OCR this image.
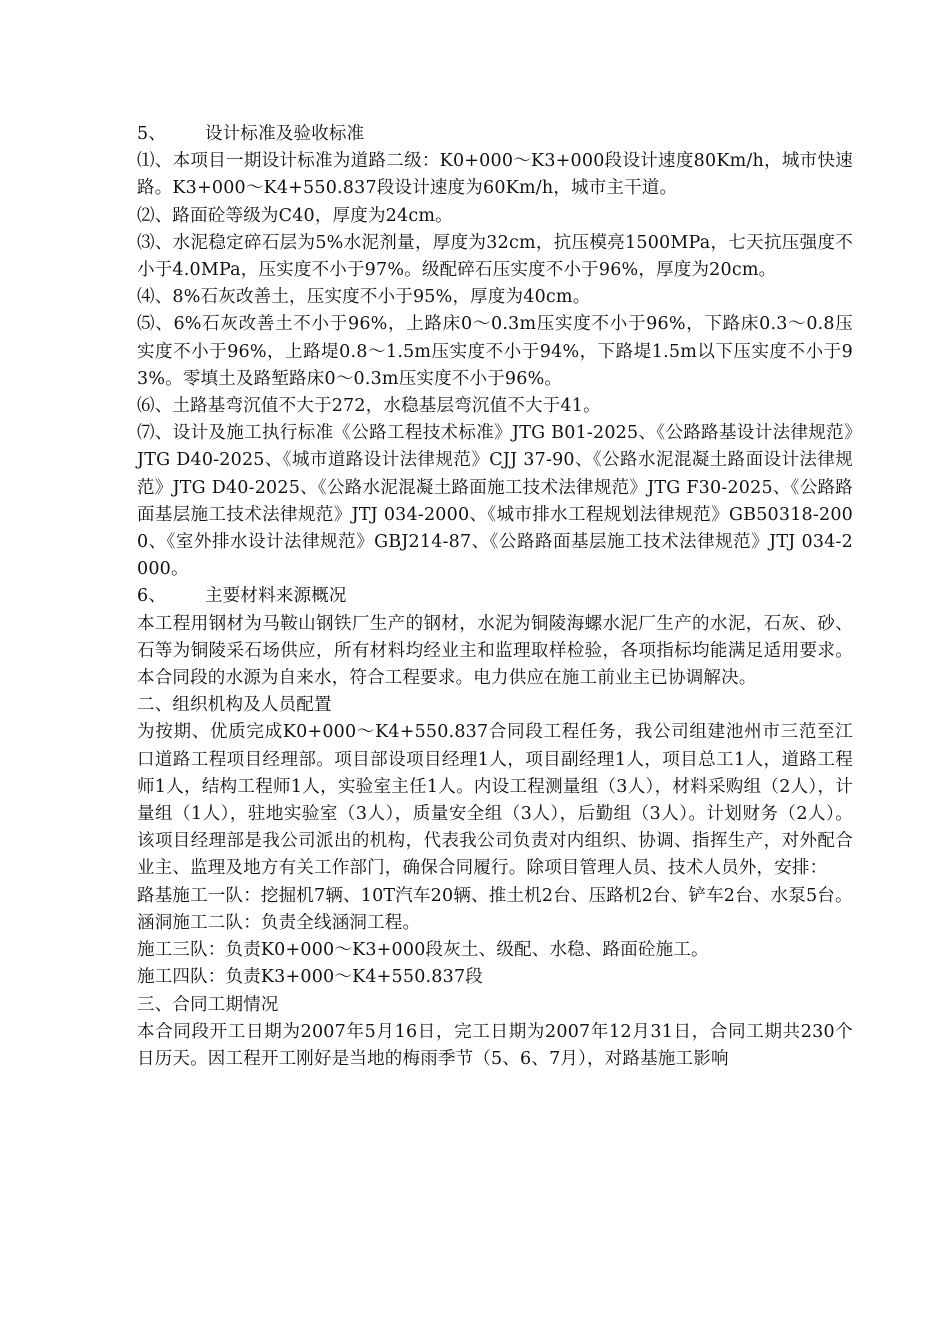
5、 设计标准及验收标准

⑴、本项目一期设计标准为道路二级：K0+000～K3+000段设计速度80Km/h，城市快速路。K3+000～K4+550.837段设计速度为60Km/h，城市主干道。

⑵、路面砼等级为C40，厚度为24cm。

⑶、水泥稳定碎石层为5%水泥剂量，厚度为32cm，抗压模亮1500MPa，七天抗压强度不小于4.0MPa，压实度不小于97%。级配碎石压实度不小于96%，厚度为20cm。

⑷、8%石灰改善土，压实度不小于95%，厚度为40cm。

⑸、6%石灰改善土不小于96%，上路床0～0.3m压实度不小于96%，下路床0.3～0.8压实度不小于96%，上路堤0.8～1.5m压实度不小于94%，下路堤1.5m以下压实度不小于93%。零填土及路堑路床0～0.3m压实度不小于96%。

⑹、土路基弯沉值不大于272，水稳基层弯沉值不大于41。

⑺、设计及施工执行标准《公路工程技术标准》JTG B01-2025、《公路路基设计法律规范》JTG D40-2025、《城市道路设计法律规范》CJJ 37-90、《公路水泥混凝土路面设计法律规范》JTG D40-2025、《公路水泥混凝土路面施工技术法律规范》JTG F30-2025、《公路路面基层施工技术法律规范》JTJ 034-2000、《城市排水工程规划法律规范》GB50318-2000、《室外排水设计法律规范》GBJ214-87、《公路路面基层施工技术法律规范》JTJ 034-2000。

6、 主要材料来源概况

本工程用钢材为马鞍山钢铁厂生产的钢材，水泥为铜陵海螺水泥厂生产的水泥，石灰、砂、石等为铜陵采石场供应，所有材料均经业主和监理取样检验，各项指标均能满足适用要求。本合同段的水源为自来水，符合工程要求。电力供应在施工前业主已协调解决。

二、组织机构及人员配置

为按期、优质完成K0+000～K4+550.837合同段工程任务，我公司组建池州市三范至江口道路工程项目经理部。项目部设项目经理1人，项目副经理1人，项目总工1人，道路工程师1人，结构工程师1人，实验室主任1人。内设工程测量组（3人），材料采购组（2人），计量组（1人），驻地实验室（3人），质量安全组（3人），后勤组（3人）。计划财务（2人）。该项目经理部是我公司派出的机构，代表我公司负责对内组织、协调、指挥生产，对外配合业主、监理及地方有关工作部门，确保合同履行。除项目管理人员、技术人员外，安排：

路基施工一队：挖掘机7辆、10T汽车20辆、推土机2台、压路机2台、铲车2台、水泵5台。

涵洞施工二队：负责全线涵洞工程。

施工三队：负责K0+000～K3+000段灰土、级配、水稳、路面砼施工。

施工四队：负责K3+000～K4+550.837段

三、合同工期情况

本合同段开工日期为2007年5月16日，完工日期为2007年12月31日，合同工期共230个日历天。因工程开工刚好是当地的梅雨季节（5、6、7月），对路基施工影响
